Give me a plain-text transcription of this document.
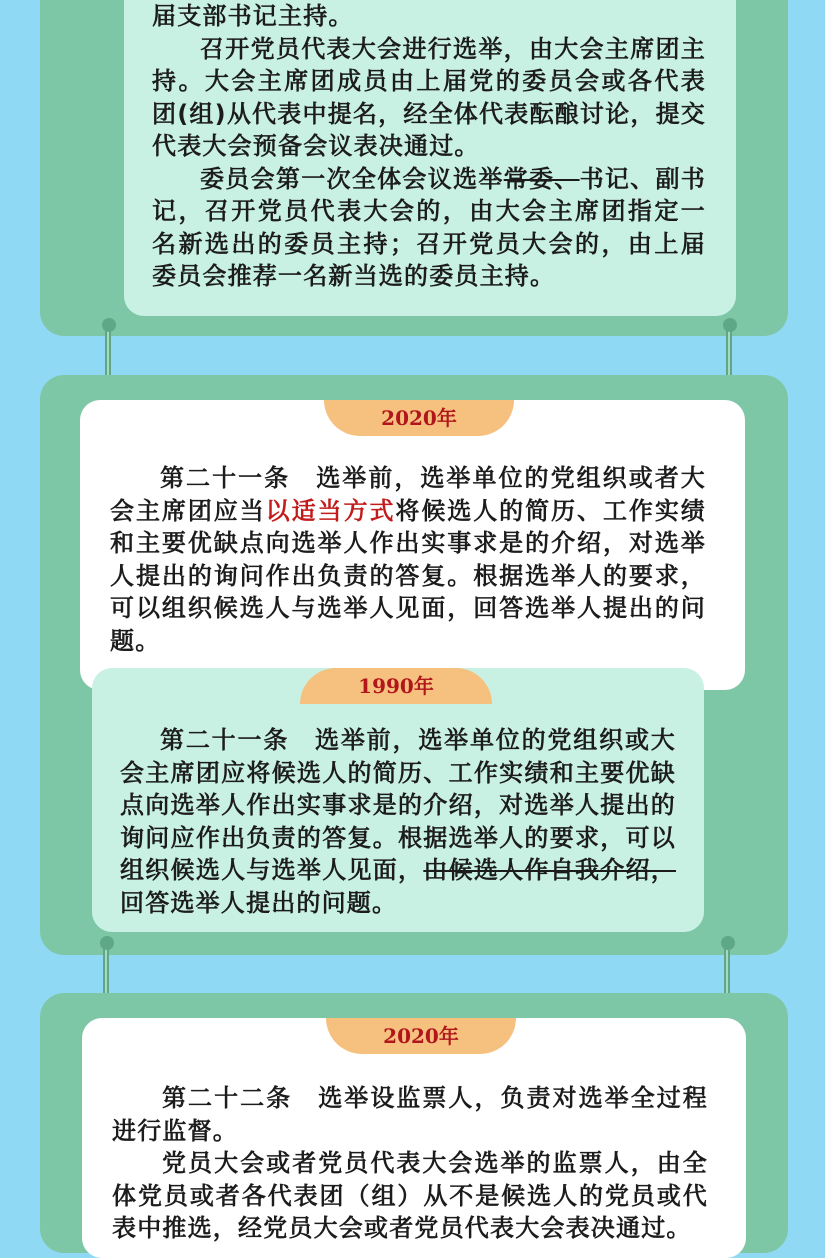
届支部书记主持。

召开党员代表大会进行选举，由大会主席团主持。大会主席团成员由上届党的委员会或各代表团(组)从代表中提名，经全体代表酝酿讨论，提交代表大会预备会议表决通过。

委员会第一次全体会议选举常委、书记、副书记，召开党员代表大会的，由大会主席团指定一名新选出的委员主持；召开党员大会的，由上届委员会推荐一名新当选的委员主持。

2020年

第二十一条　选举前，选举单位的党组织或者大会主席团应当以适当方式将候选人的简历、工作实绩和主要优缺点向选举人作出实事求是的介绍，对选举人提出的询问作出负责的答复。根据选举人的要求，可以组织候选人与选举人见面，回答选举人提出的问题。

1990年

第二十一条　选举前，选举单位的党组织或大会主席团应将候选人的简历、工作实绩和主要优缺点向选举人作出实事求是的介绍，对选举人提出的询问应作出负责的答复。根据选举人的要求，可以组织候选人与选举人见面，由候选人作自我介绍，回答选举人提出的问题。

2020年

第二十二条　选举设监票人，负责对选举全过程进行监督。

党员大会或者党员代表大会选举的监票人，由全体党员或者各代表团（组）从不是候选人的党员或代表中推选，经党员大会或者党员代表大会表决通过。
